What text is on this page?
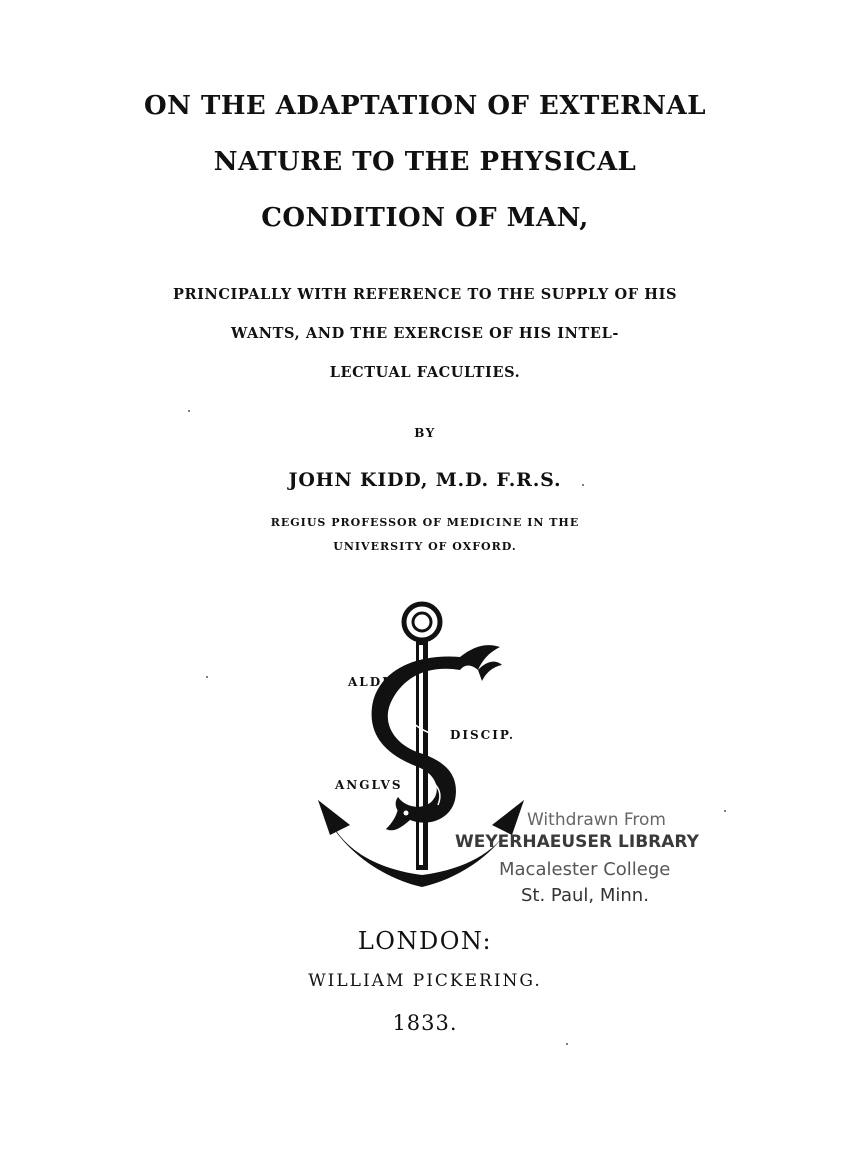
ON THE ADAPTATION OF EXTERNAL
NATURE TO THE PHYSICAL
CONDITION OF MAN,
PRINCIPALLY WITH REFERENCE TO THE SUPPLY OF HIS
WANTS, AND THE EXERCISE OF HIS INTEL-
LECTUAL FACULTIES.
BY
JOHN KIDD, M.D. F.R.S.
REGIUS PROFESSOR OF MEDICINE IN THE
UNIVERSITY OF OXFORD.
ALDI
DISCIP.
ANGLVS
Withdrawn From
WEYERHAEUSER LIBRARY
Macalester College
St. Paul, Minn.
LONDON:
WILLIAM PICKERING.
1833.
